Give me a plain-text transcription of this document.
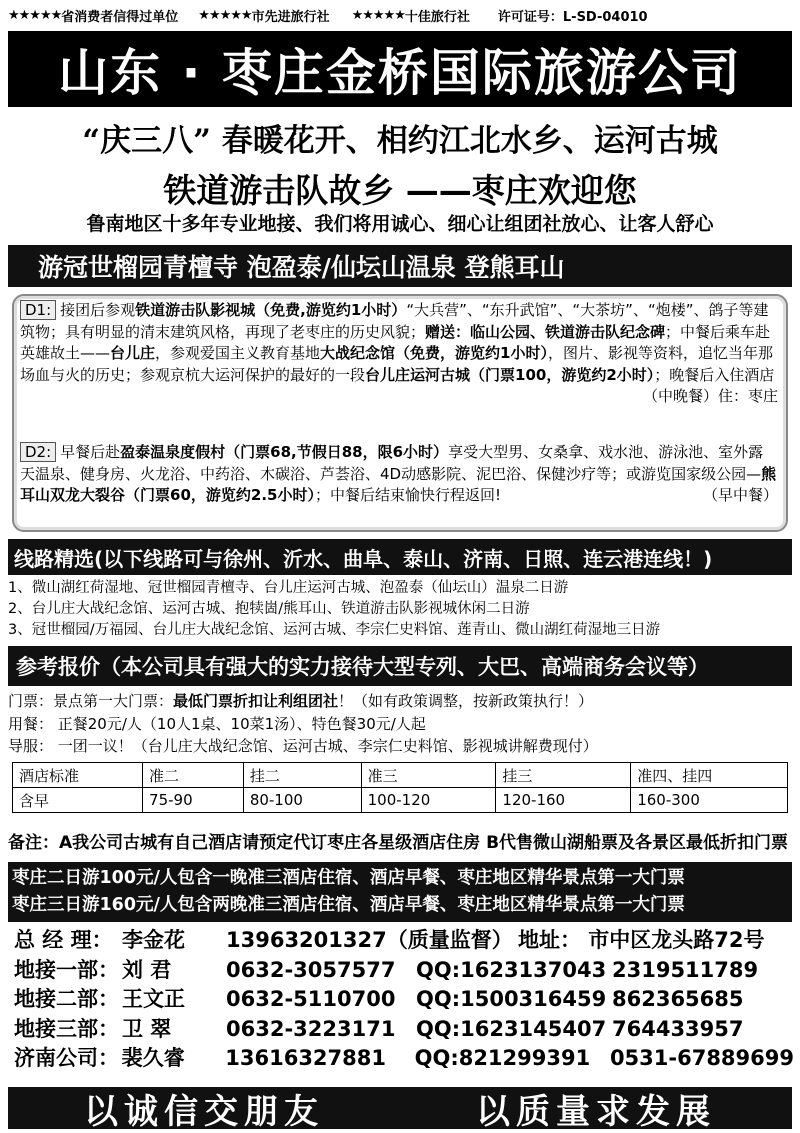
★★★★★ 省消费者信得过单位 ★★★★★ 市先进旅行社 ★★★★★ 十佳旅行社 许可证号：L-SD-04010
山东 · 枣庄金桥国际旅游公司
“庆三八” 春暖花开、相约江北水乡、运河古城
铁道游击队故乡 ——枣庄欢迎您
鲁南地区十多年专业地接、我们将用诚心、细心让组团社放心、让客人舒心
游冠世榴园青檀寺 泡盈泰/仙坛山温泉 登熊耳山
D1: 接团后参观铁道游击队影视城（免费,游览约1小时）“大兵营”、“东升武馆”、“大茶坊”、“炮楼”、鸽子等建筑物；具有明显的清末建筑风格，再现了老枣庄的历史风貌；赠送：临山公园、铁道游击队纪念碑；中餐后乘车赴英雄故土——台儿庄，参观爱国主义教育基地大战纪念馆（免费，游览约1小时），图片、影视等资料，追忆当年那场血与火的历史；参观京杭大运河保护的最好的一段台儿庄运河古城（门票100，游览约2小时）；晚餐后入住酒店
（中晚餐）住：枣庄
D2: 早餐后赴盈泰温泉度假村（门票68,节假日88，限6小时）享受大型男、女桑拿、戏水池、游泳池、室外露天温泉、健身房、火龙浴、中药浴、木碳浴、芦荟浴、4D动感影院、泥巴浴、保健沙疗等；或游览国家级公园—熊耳山双龙大裂谷（门票60，游览约2.5小时）；中餐后结束愉快行程返回!	（早中餐）
线路精选(以下线路可与徐州、沂水、曲阜、泰山、济南、日照、连云港连线！)
1、微山湖红荷湿地、冠世榴园青檀寺、台儿庄运河古城、泡盈泰（仙坛山）温泉二日游
2、台儿庄大战纪念馆、运河古城、抱犊崮/熊耳山、铁道游击队影视城休闲二日游
3、冠世榴园/万福园、台儿庄大战纪念馆、运河古城、李宗仁史料馆、莲青山、微山湖红荷湿地三日游
参考报价（本公司具有强大的实力接待大型专列、大巴、高端商务会议等）
门票：景点第一大门票：最低门票折扣让利组团社！（如有政策调整，按新政策执行！）
用餐： 正餐20元/人（10人1桌、10菜1汤）、特色餐30元/人起
导服： 一团一议！（台儿庄大战纪念馆、运河古城、李宗仁史料馆、影视城讲解费现付）
酒店标准	准二	挂二	准三	挂三	准四、挂四
含早	75-90	80-100	100-120	120-160	160-300
备注：A我公司古城有自己酒店请预定代订枣庄各星级酒店住房 B代售微山湖船票及各景区最低折扣门票
枣庄二日游100元/人包含一晚准三酒店住宿、酒店早餐、枣庄地区精华景点第一大门票
枣庄三日游160元/人包含两晚准三酒店住宿、酒店早餐、枣庄地区精华景点第一大门票
总 经 理： 李金花	13963201327（质量监督） 地址： 市中区龙头路72号
地接一部： 刘 君	0632-3057577 QQ:1623137043 2319511789
地接二部： 王文正	0632-5110700 QQ:1500316459 862365685
地接三部： 卫 翠	0632-3223171 QQ:1623145407 764433957
济南公司： 裴久睿	13616327881	QQ:821299391 0531-67889699
以诚信交朋友	以质量求发展
